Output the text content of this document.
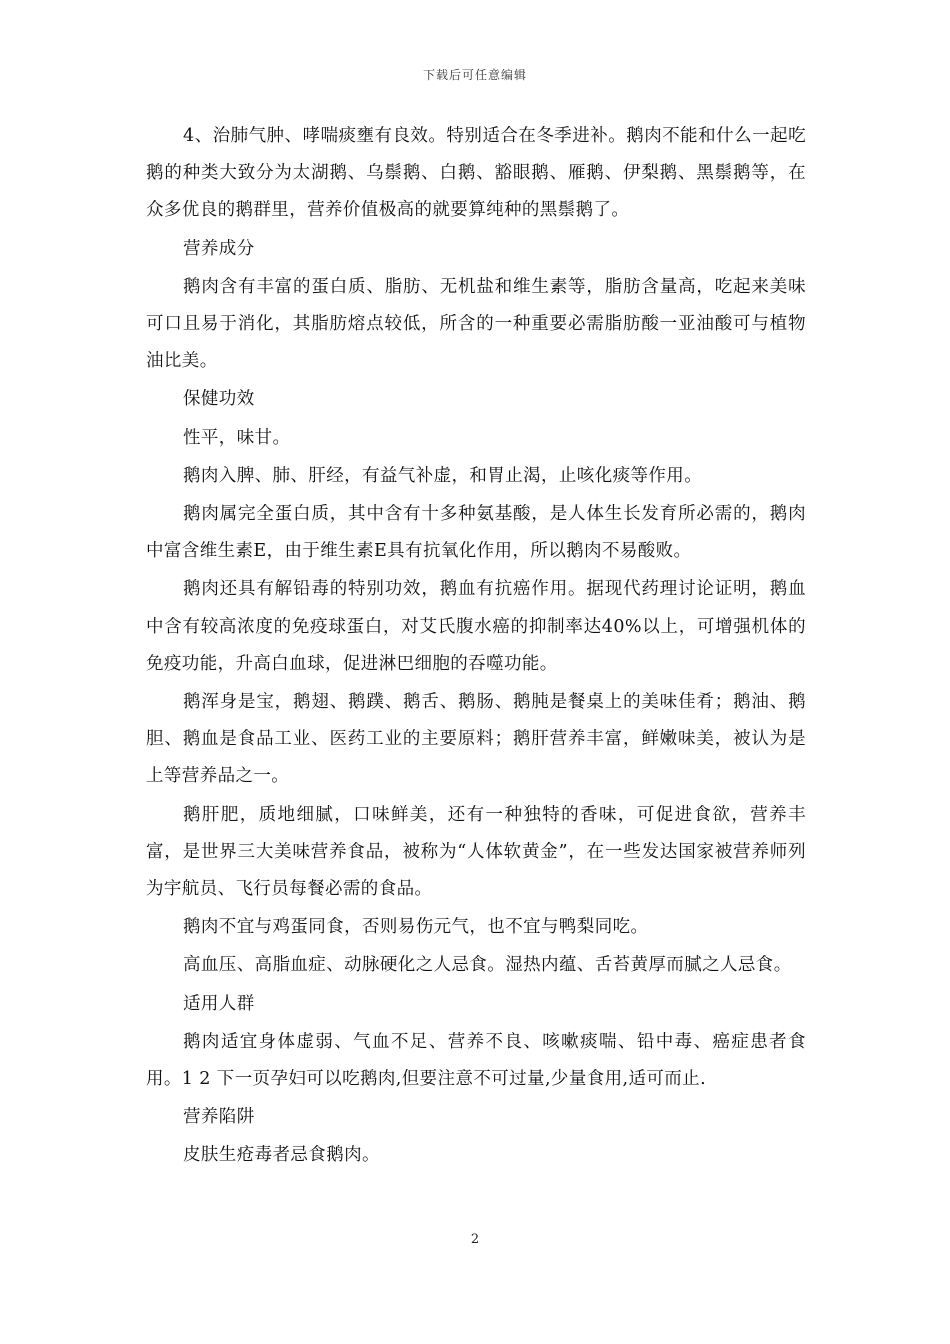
下载后可任意编辑

4、治肺气肿、哮喘痰壅有良效。特别适合在冬季进补。鹅肉不能和什么一起吃鹅的种类大致分为太湖鹅、乌鬃鹅、白鹅、豁眼鹅、雁鹅、伊梨鹅、黑鬃鹅等，在众多优良的鹅群里，营养价值极高的就要算纯种的黑鬃鹅了。

营养成分

鹅肉含有丰富的蛋白质、脂肪、无机盐和维生素等，脂肪含量高，吃起来美味可口且易于消化，其脂肪熔点较低，所含的一种重要必需脂肪酸一亚油酸可与植物油比美。

保健功效

性平，味甘。

鹅肉入脾、肺、肝经，有益气补虚，和胃止渴，止咳化痰等作用。

鹅肉属完全蛋白质，其中含有十多种氨基酸，是人体生长发育所必需的，鹅肉中富含维生素E，由于维生素E具有抗氧化作用，所以鹅肉不易酸败。

鹅肉还具有解铅毒的特别功效，鹅血有抗癌作用。据现代药理讨论证明，鹅血中含有较高浓度的免疫球蛋白，对艾氏腹水癌的抑制率达40%以上，可增强机体的免疫功能，升高白血球，促进淋巴细胞的吞噬功能。

鹅浑身是宝，鹅翅、鹅蹼、鹅舌、鹅肠、鹅肫是餐桌上的美味佳肴；鹅油、鹅胆、鹅血是食品工业、医药工业的主要原料；鹅肝营养丰富，鲜嫩味美，被认为是上等营养品之一。

鹅肝肥，质地细腻，口味鲜美，还有一种独特的香味，可促进食欲，营养丰富，是世界三大美味营养食品，被称为“人体软黄金”，在一些发达国家被营养师列为宇航员、飞行员每餐必需的食品。

鹅肉不宜与鸡蛋同食，否则易伤元气，也不宜与鸭梨同吃。

高血压、高脂血症、动脉硬化之人忌食。湿热内蕴、舌苔黄厚而腻之人忌食。

适用人群

鹅肉适宜身体虚弱、气血不足、营养不良、咳嗽痰喘、铅中毒、癌症患者食用。1 2 下一页孕妇可以吃鹅肉,但要注意不可过量,少量食用,适可而止.

营养陷阱

皮肤生疮毒者忌食鹅肉。

2
